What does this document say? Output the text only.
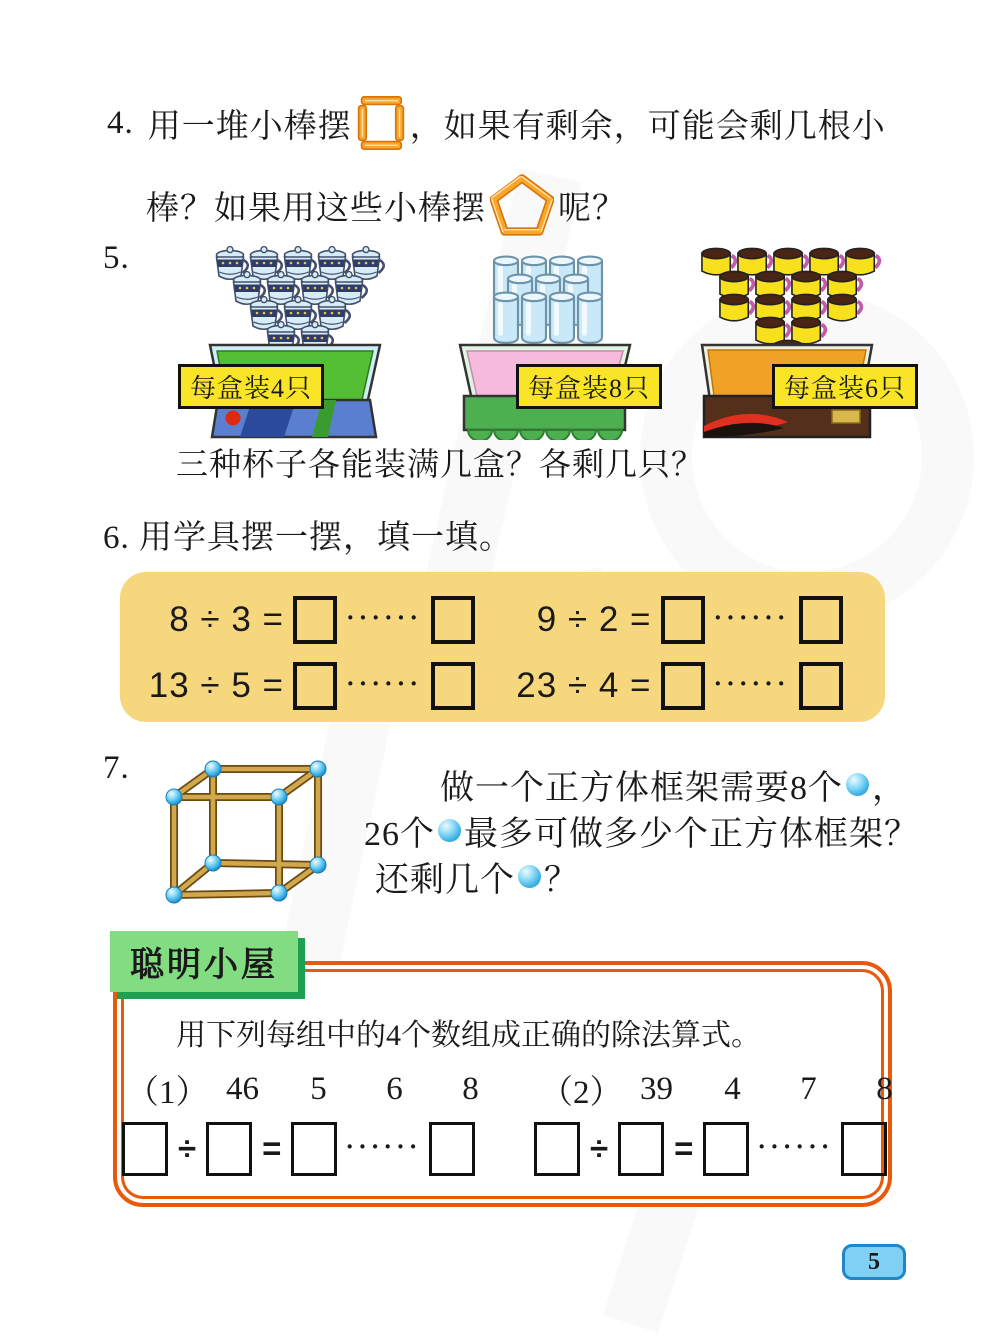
4. 用一堆小棒摆 ，如果有剩余，可能会剩几根小
棒？如果用这些小棒摆 呢？
5.
每盒装4只	每盒装8只	每盒装6只
三种杯子各能装满几盒？各剩几只？
6. 用学具摆一摆，填一填。
8 ÷ 3 = ······	9 ÷ 2 = ······
13 ÷ 5 = ······	23 ÷ 4 = ······
7.
做一个正方体框架需要8个 ，
26个 最多可做多少个正方体框架？
还剩几个 ？
聪明小屋
用下列每组中的4个数组成正确的除法算式。
（1） 46	5	6	8	（2） 39	4	7	8
÷ = ······	÷ = ······
5
